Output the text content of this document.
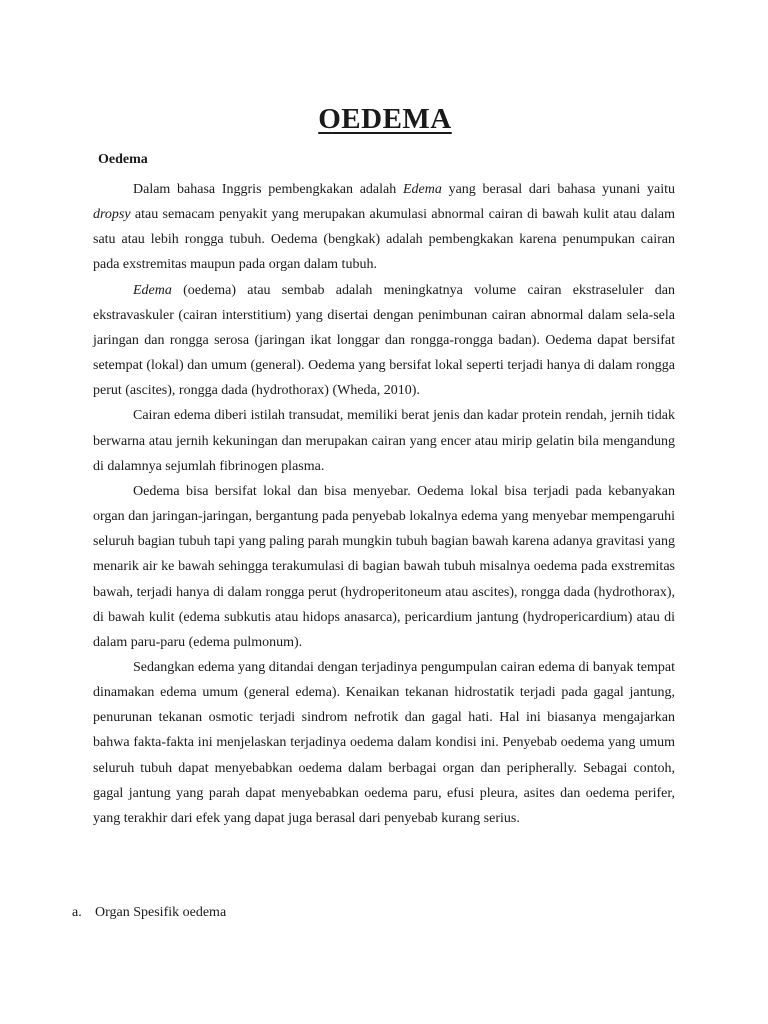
OEDEMA
Oedema

Dalam bahasa Inggris pembengkakan adalah Edema yang berasal dari bahasa yunani yaitu dropsy atau semacam penyakit yang merupakan akumulasi abnormal cairan di bawah kulit atau dalam satu atau lebih rongga tubuh. Oedema (bengkak) adalah pembengkakan karena penumpukan cairan pada exstremitas maupun pada organ dalam tubuh.

Edema (oedema) atau sembab adalah meningkatnya volume cairan ekstraseluler dan ekstravaskuler (cairan interstitium) yang disertai dengan penimbunan cairan abnormal dalam sela-sela jaringan dan rongga serosa (jaringan ikat longgar dan rongga-rongga badan). Oedema dapat bersifat setempat (lokal) dan umum (general). Oedema yang bersifat lokal seperti terjadi hanya di dalam rongga perut (ascites), rongga dada (hydrothorax) (Wheda, 2010).

Cairan edema diberi istilah transudat, memiliki berat jenis dan kadar protein rendah, jernih tidak berwarna atau jernih kekuningan dan merupakan cairan yang encer atau mirip gelatin bila mengandung di dalamnya sejumlah fibrinogen plasma.

Oedema bisa bersifat lokal dan bisa menyebar. Oedema lokal bisa terjadi pada kebanyakan organ dan jaringan-jaringan, bergantung pada penyebab lokalnya edema yang menyebar mempengaruhi seluruh bagian tubuh tapi yang paling parah mungkin tubuh bagian bawah karena adanya gravitasi yang menarik air ke bawah sehingga terakumulasi di bagian bawah tubuh misalnya oedema pada exstremitas bawah, terjadi hanya di dalam rongga perut (hydroperitoneum atau ascites), rongga dada (hydrothorax), di bawah kulit (edema subkutis atau hidops anasarca), pericardium jantung (hydropericardium) atau di dalam paru-paru (edema pulmonum).

Sedangkan edema yang ditandai dengan terjadinya pengumpulan cairan edema di banyak tempat dinamakan edema umum (general edema). Kenaikan tekanan hidrostatik terjadi pada gagal jantung, penurunan tekanan osmotic terjadi sindrom nefrotik dan gagal hati. Hal ini biasanya mengajarkan bahwa fakta-fakta ini menjelaskan terjadinya oedema dalam kondisi ini. Penyebab oedema yang umum seluruh tubuh dapat menyebabkan oedema dalam berbagai organ dan peripherally. Sebagai contoh, gagal jantung yang parah dapat menyebabkan oedema paru, efusi pleura, asites dan oedema perifer, yang terakhir dari efek yang dapat juga berasal dari penyebab kurang serius.

a. Organ Spesifik oedema
